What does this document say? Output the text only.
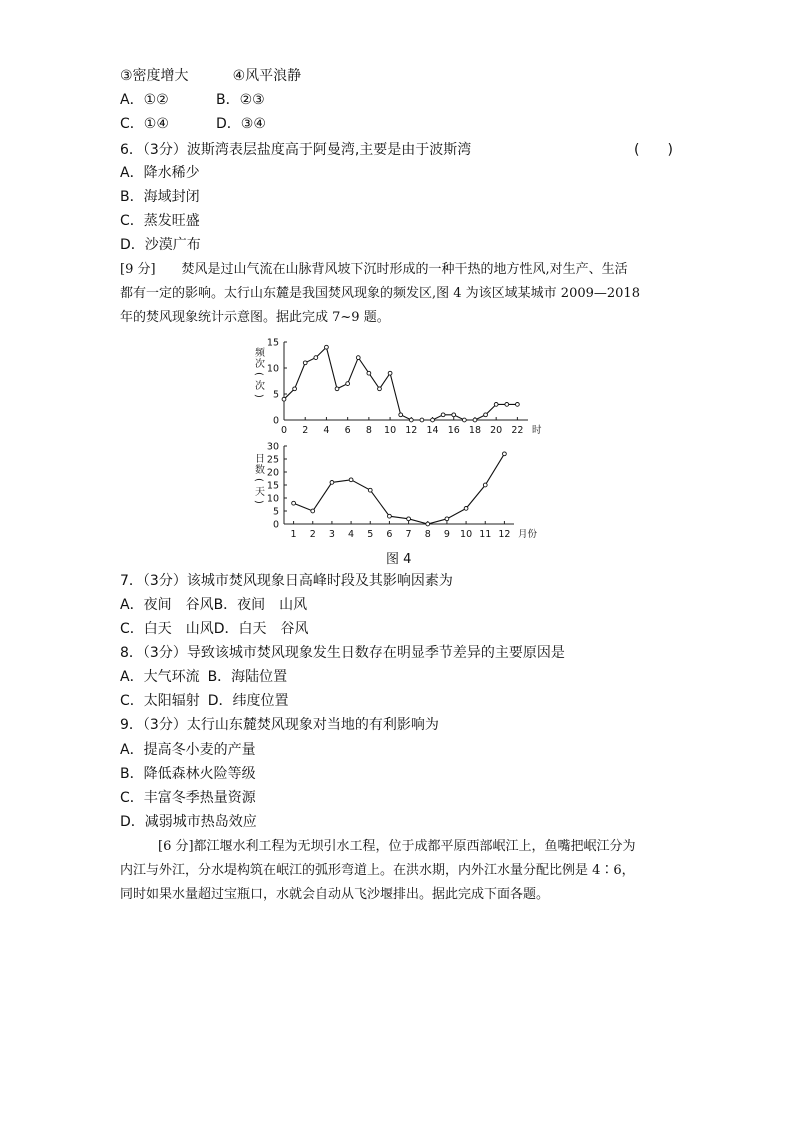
③密度增大	④风平浪静
A．①②	B．②③
C．①④	D．③④
6．（3分）波斯湾表层盐度高于阿曼湾,主要是由于波斯湾	(　　)
A．降水稀少
B．海域封闭
C．蒸发旺盛
D．沙漠广布
[9 分]　　焚风是过山气流在山脉背风坡下沉时形成的一种干热的地方性风,对生产、生活
都有一定的影响。太行山东麓是我国焚风现象的频发区,图 4 为该区域某城市 2009—2018
年的焚风现象统计示意图。据此完成 7~9 题。
0
5
10
15
0 2 4 6 8 10 12 14 16 18 20 22 时
频
次
(
次
)
0
5
10
15
20
25
30
1 2 3 4 5 6 7 8 9 10 11 12 月份
日
数
(
天
)
图 4
7．（3分）该城市焚风现象日高峰时段及其影响因素为
A．夜间　谷风B．夜间　山风
C．白天　山风D．白天　谷风
8．（3分）导致该城市焚风现象发生日数存在明显季节差异的主要原因是
A．大气环流 B．海陆位置
C．太阳辐射 D．纬度位置
9．（3分）太行山东麓焚风现象对当地的有利影响为
A．提高冬小麦的产量
B．降低森林火险等级
C．丰富冬季热量资源
D．减弱城市热岛效应
[6 分]都江堰水利工程为无坝引水工程，位于成都平原西部岷江上，鱼嘴把岷江分为
内江与外江，分水堤构筑在岷江的弧形弯道上。在洪水期，内外江水量分配比例是 4∶6，
同时如果水量超过宝瓶口，水就会自动从飞沙堰排出。据此完成下面各题。
